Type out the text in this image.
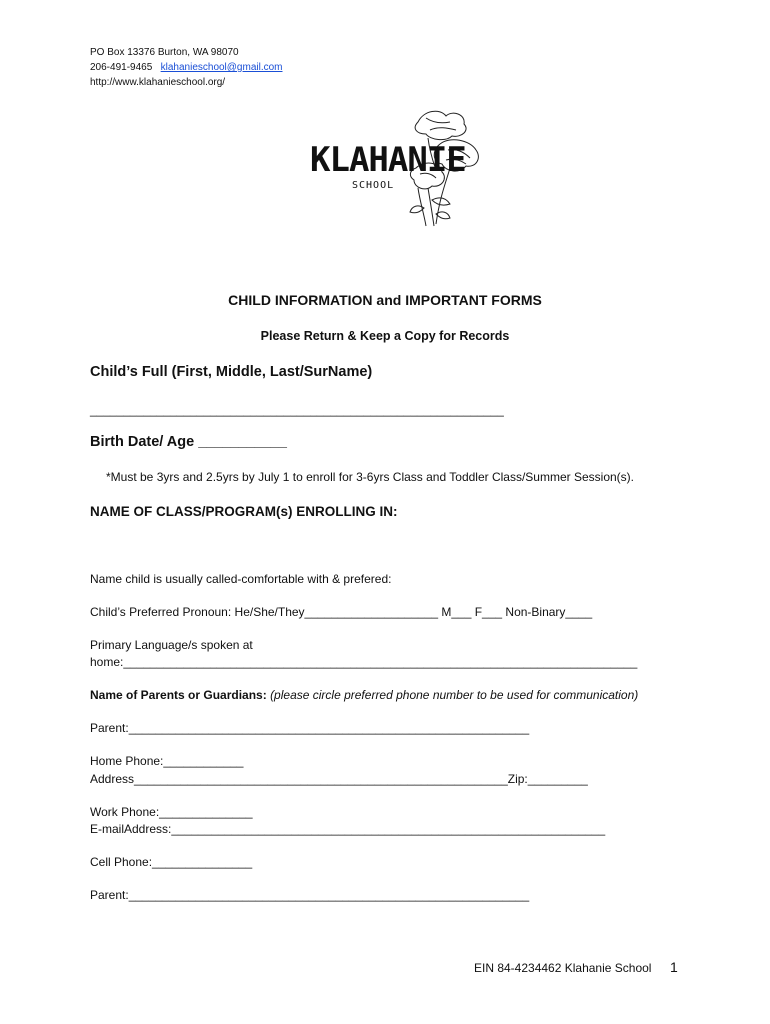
PO Box 13376 Burton, WA 98070
206-491-9465 klahanieschool@gmail.com
http://www.klahanieschool.org/
KLAHANIE
SCHOOL
CHILD INFORMATION and IMPORTANT FORMS
Please Return & Keep a Copy for Records
Child’s Full (First, Middle, Last/SurName)
______________________________________________________________
Birth Date/ Age ___________
*Must be 3yrs and 2.5yrs by July 1 to enroll for 3-6yrs Class and Toddler Class/Summer Session(s).
NAME OF CLASS/PROGRAM(s) ENROLLING IN:
Name child is usually called-comfortable with & prefered:
Child’s Preferred Pronoun: He/She/They____________________ M___ F___ Non-Binary____
Primary Language/s spoken at
home:_____________________________________________________________________________
Name of Parents or Guardians: (please circle preferred phone number to be used for communication)
Parent:____________________________________________________________
Home Phone:____________
Address________________________________________________________Zip:_________
Work Phone:______________
E-mailAddress:_________________________________________________________________
Cell Phone:_______________
Parent:____________________________________________________________
EIN 84-4234462 Klahanie School 1
